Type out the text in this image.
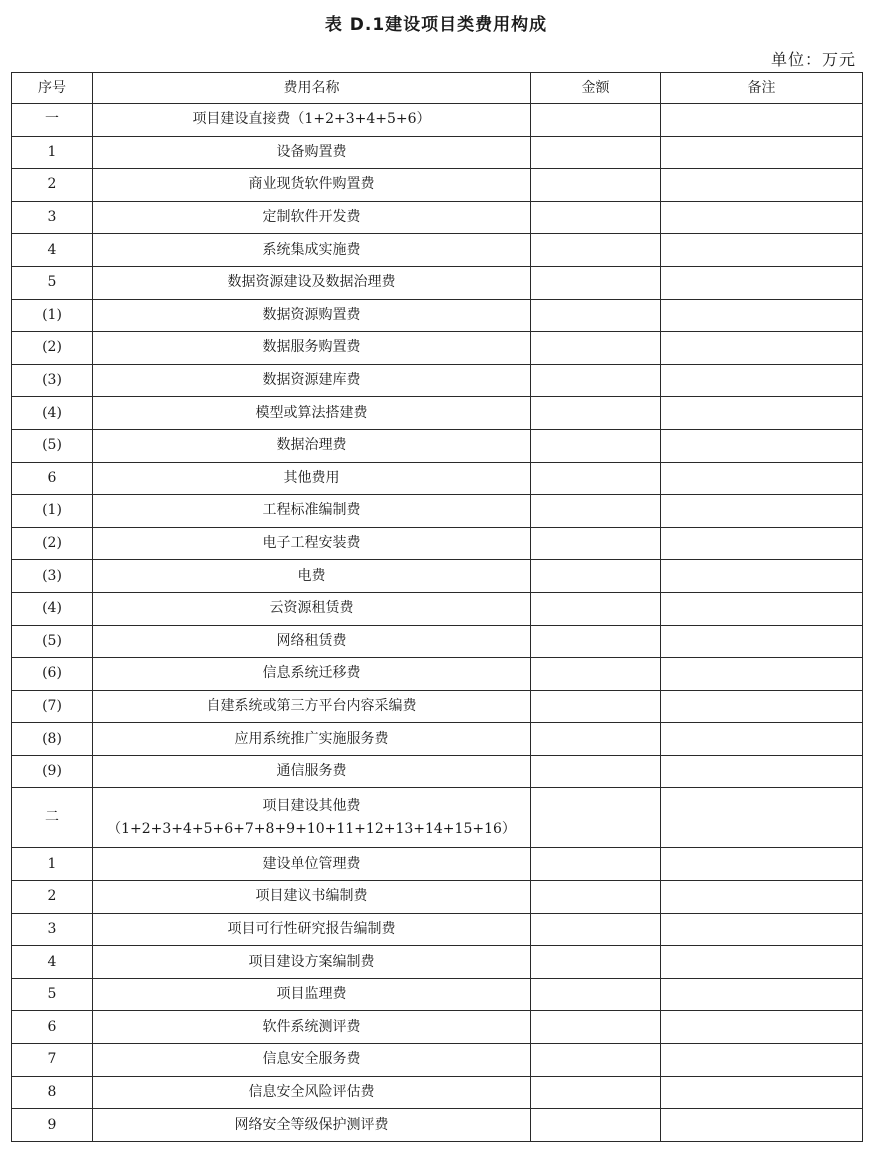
表 D.1建设项目类费用构成
单位：万元
序号	费用名称	金额	备注
一	项目建设直接费（1+2+3+4+5+6）		
1	设备购置费		
2	商业现货软件购置费		
3	定制软件开发费		
4	系统集成实施费		
5	数据资源建设及数据治理费		
(1)	数据资源购置费		
(2)	数据服务购置费		
(3)	数据资源建库费		
(4)	模型或算法搭建费		
(5)	数据治理费		
6	其他费用		
(1)	工程标准编制费		
(2)	电子工程安装费		
(3)	电费		
(4)	云资源租赁费		
(5)	网络租赁费		
(6)	信息系统迁移费		
(7)	自建系统或第三方平台内容采编费		
(8)	应用系统推广实施服务费		
(9)	通信服务费		
二	项目建设其他费
（1+2+3+4+5+6+7+8+9+10+11+12+13+14+15+16）		

1	建设单位管理费		
2	项目建议书编制费		
3	项目可行性研究报告编制费		
4	项目建设方案编制费		
5	项目监理费		
6	软件系统测评费		
7	信息安全服务费		
8	信息安全风险评估费		
9	网络安全等级保护测评费		
